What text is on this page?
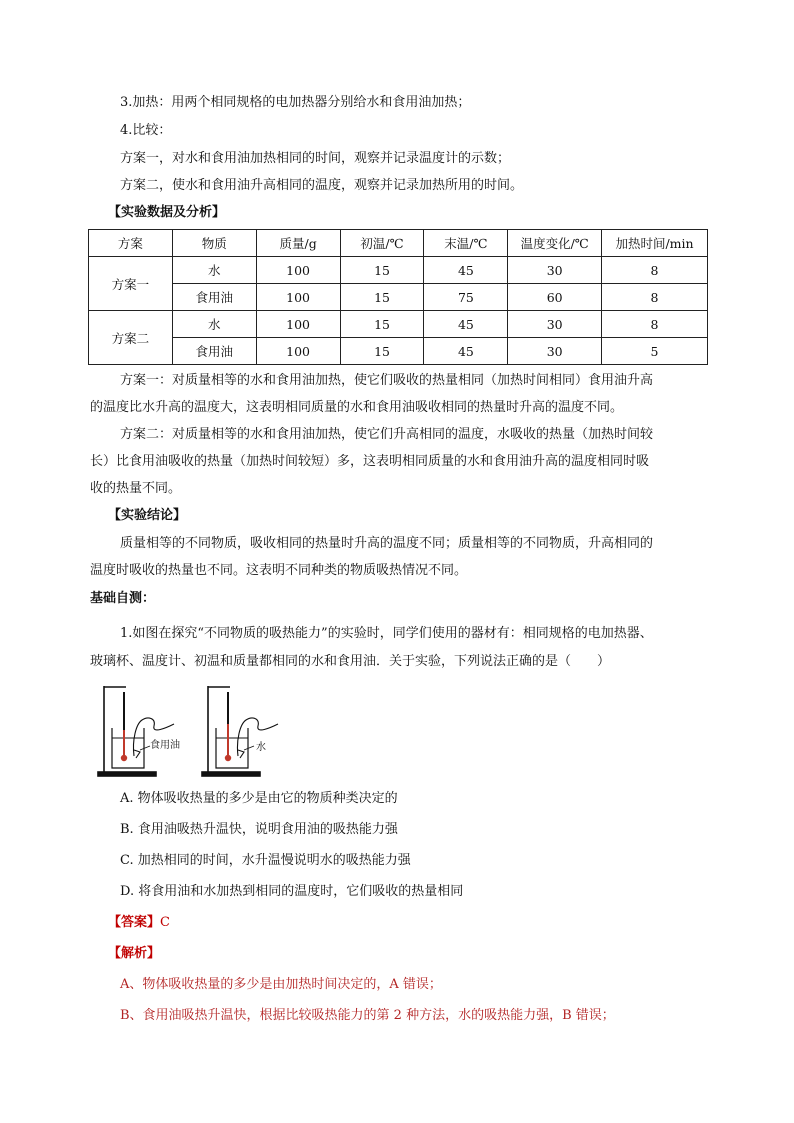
3.加热：用两个相同规格的电加热器分别给水和食用油加热；
4.比较：
方案一，对水和食用油加热相同的时间，观察并记录温度计的示数；
方案二，使水和食用油升高相同的温度，观察并记录加热所用的时间。
【实验数据及分析】
方案	物质	质量/g	初温/℃	末温/℃	温度变化/℃	加热时间/min
方案一	水	100	15	45	30	8
	食用油	100	15	75	60	8
方案二	水	100	15	45	30	8
	食用油	100	15	45	30	5
方案一：对质量相等的水和食用油加热，使它们吸收的热量相同（加热时间相同）食用油升高
的温度比水升高的温度大，这表明相同质量的水和食用油吸收相同的热量时升高的温度不同。
方案二：对质量相等的水和食用油加热，使它们升高相同的温度，水吸收的热量（加热时间较
长）比食用油吸收的热量（加热时间较短）多，这表明相同质量的水和食用油升高的温度相同时吸
收的热量不同。
【实验结论】
质量相等的不同物质，吸收相同的热量时升高的温度不同；质量相等的不同物质，升高相同的
温度时吸收的热量也不同。这表明不同种类的物质吸热情况不同。
基础自测：
1.如图在探究“不同物质的吸热能力”的实验时，同学们使用的器材有：相同规格的电加热器、
玻璃杯、温度计、初温和质量都相同的水和食用油．关于实验，下列说法正确的是（　　）
食用油	水
A. 物体吸收热量的多少是由它的物质种类决定的
B. 食用油吸热升温快，说明食用油的吸热能力强
C. 加热相同的时间，水升温慢说明水的吸热能力强
D. 将食用油和水加热到相同的温度时，它们吸收的热量相同
【答案】C
【解析】
A、物体吸收热量的多少是由加热时间决定的，A 错误；
B、食用油吸热升温快，根据比较吸热能力的第 2 种方法，水的吸热能力强，B 错误；
